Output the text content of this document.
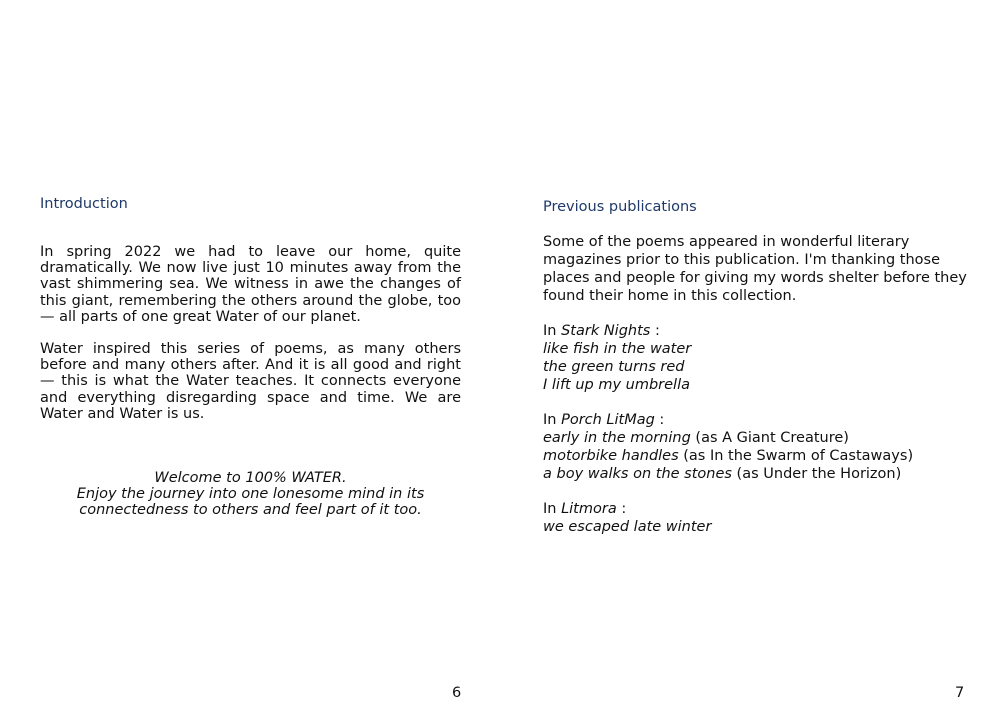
Introduction

In spring 2022 we had to leave our home, quite dramatically. We now live just 10 minutes away from the vast shimmering sea. We witness in awe the changes of this giant, remembering the others around the globe, too — all parts of one great Water of our planet.

Water inspired this series of poems, as many others before and many others after. And it is all good and right — this is what the Water teaches. It connects everyone and everything disregarding space and time. We are Water and Water is us.

Welcome to 100% WATER.
Enjoy the journey into one lonesome mind in its
connectedness to others and feel part of it too.
6
Previous publications
Some of the poems appeared in wonderful literary
magazines prior to this publication. I'm thanking those
places and people for giving my words shelter before they
found their home in this collection.
In Stark Nights :
like fish in the water
the green turns red
I lift up my umbrella
In Porch LitMag :
early in the morning (as A Giant Creature)
motorbike handles (as In the Swarm of Castaways)
a boy walks on the stones (as Under the Horizon)
In Litmora :
we escaped late winter
7
